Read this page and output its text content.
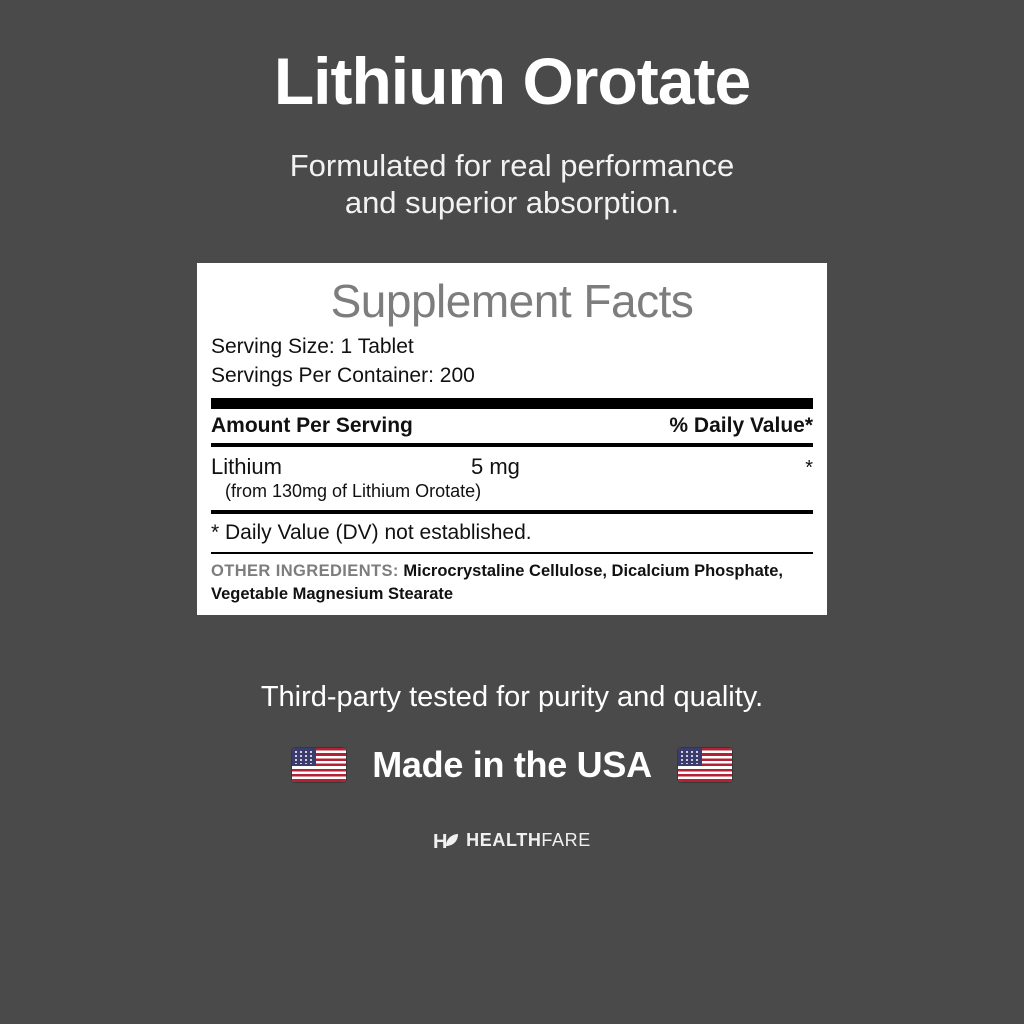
Lithium Orotate
Formulated for real performance
and superior absorption.
Supplement Facts
Serving Size: 1 Tablet
Servings Per Container: 200
Amount Per Serving	% Daily Value*
Lithium	5 mg	*
(from 130mg of Lithium Orotate)
* Daily Value (DV) not established.
OTHER INGREDIENTS: Microcrystaline Cellulose, Dicalcium Phosphate, Vegetable Magnesium Stearate
Third-party tested for purity and quality.
Made in the USA
H HEALTHFARE
